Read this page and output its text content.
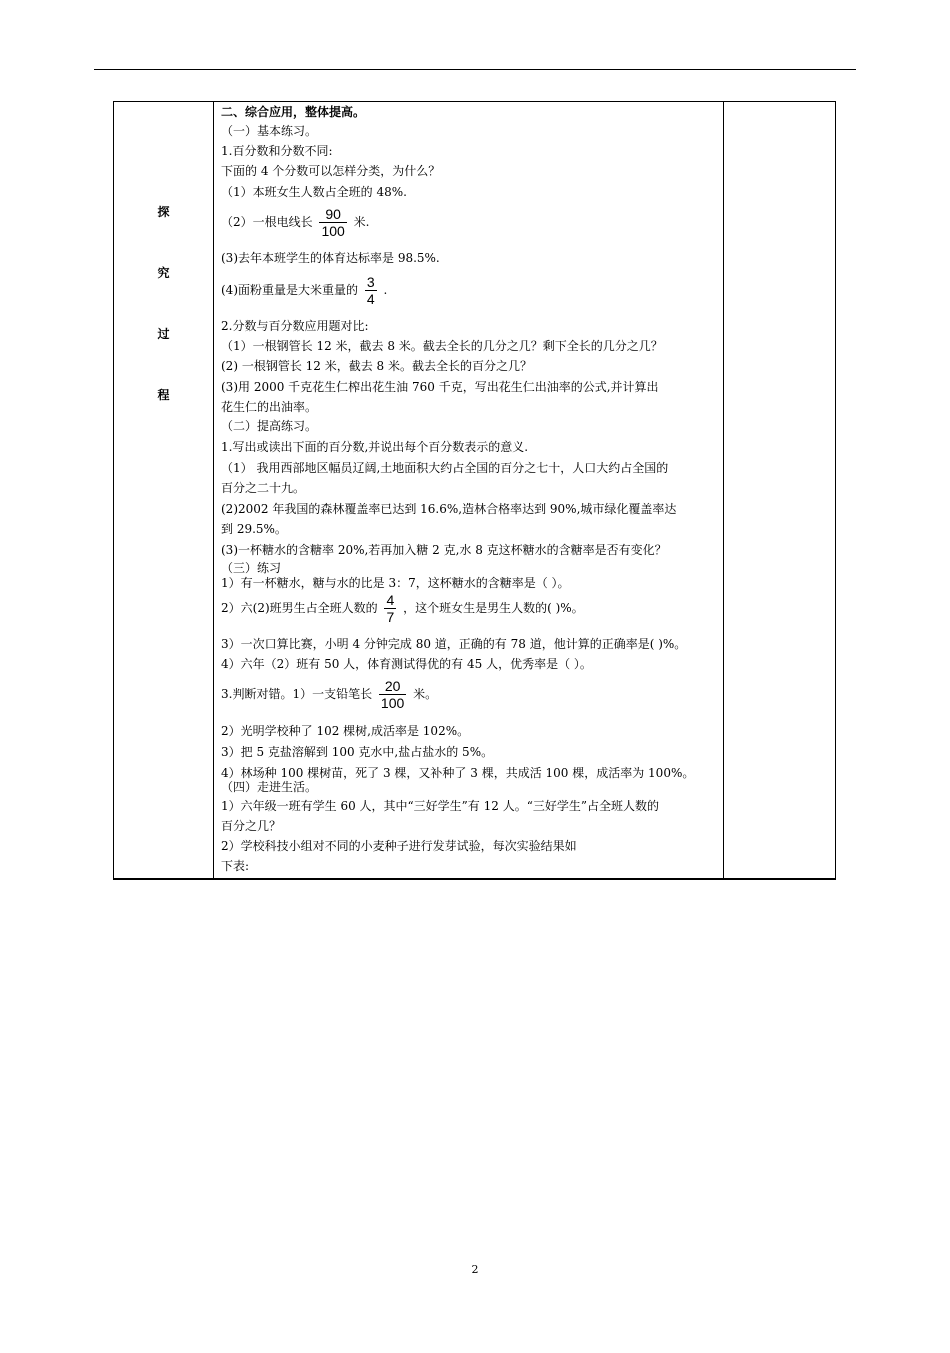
探
究
过
程
二、综合应用，整体提高。
（一）基本练习。
1.百分数和分数不同:
下面的 4 个分数可以怎样分类，为什么？
（1）本班女生人数占全班的 48%.
（2）一根电线长 $\frac{90}{100}$ 米.
(3)去年本班学生的体育达标率是 98.5%.
(4)面粉重量是大米重量的 $\frac{3}{4}$ .
2.分数与百分数应用题对比:
（1）一根钢管长 12 米，截去 8 米。截去全长的几分之几？剩下全长的几分之几？
(2) 一根钢管长 12 米，截去 8 米。截去全长的百分之几？
(3)用 2000 千克花生仁榨出花生油 760 千克，写出花生仁出油率的公式,并计算出
花生仁的出油率。
（二）提高练习。
1.写出或读出下面的百分数,并说出每个百分数表示的意义.
（1） 我用西部地区幅员辽阔,土地面积大约占全国的百分之七十，人口大约占全国的
百分之二十九。
(2)2002 年我国的森林覆盖率已达到 16.6%,造林合格率达到 90%,城市绿化覆盖率达
到 29.5%。
(3)一杯糖水的含糖率 20%,若再加入糖 2 克,水 8 克这杯糖水的含糖率是否有变化？
（三）练习
1）有一杯糖水，糖与水的比是 3：7，这杯糖水的含糖率是（ ）。
2）六(2)班男生占全班人数的 $\frac{4}{7}$ ，这个班女生是男生人数的( )%。
3）一次口算比赛，小明 4 分钟完成 80 道，正确的有 78 道，他计算的正确率是( )%。
4）六年（2）班有 50 人，体育测试得优的有 45 人，优秀率是（ ）。
3.判断对错。1）一支铅笔长 $\frac{20}{100}$ 米。
2）光明学校种了 102 棵树,成活率是 102%。
3）把 5 克盐溶解到 100 克水中,盐占盐水的 5%。
4）林场种 100 棵树苗，死了 3 棵，又补种了 3 棵，共成活 100 棵，成活率为 100%。
（四）走进生活。
1）六年级一班有学生 60 人，其中“三好学生”有 12 人。“三好学生”占全班人数的
百分之几？
2）学校科技小组对不同的小麦种子进行发芽试验，每次实验结果如
下表:
2
